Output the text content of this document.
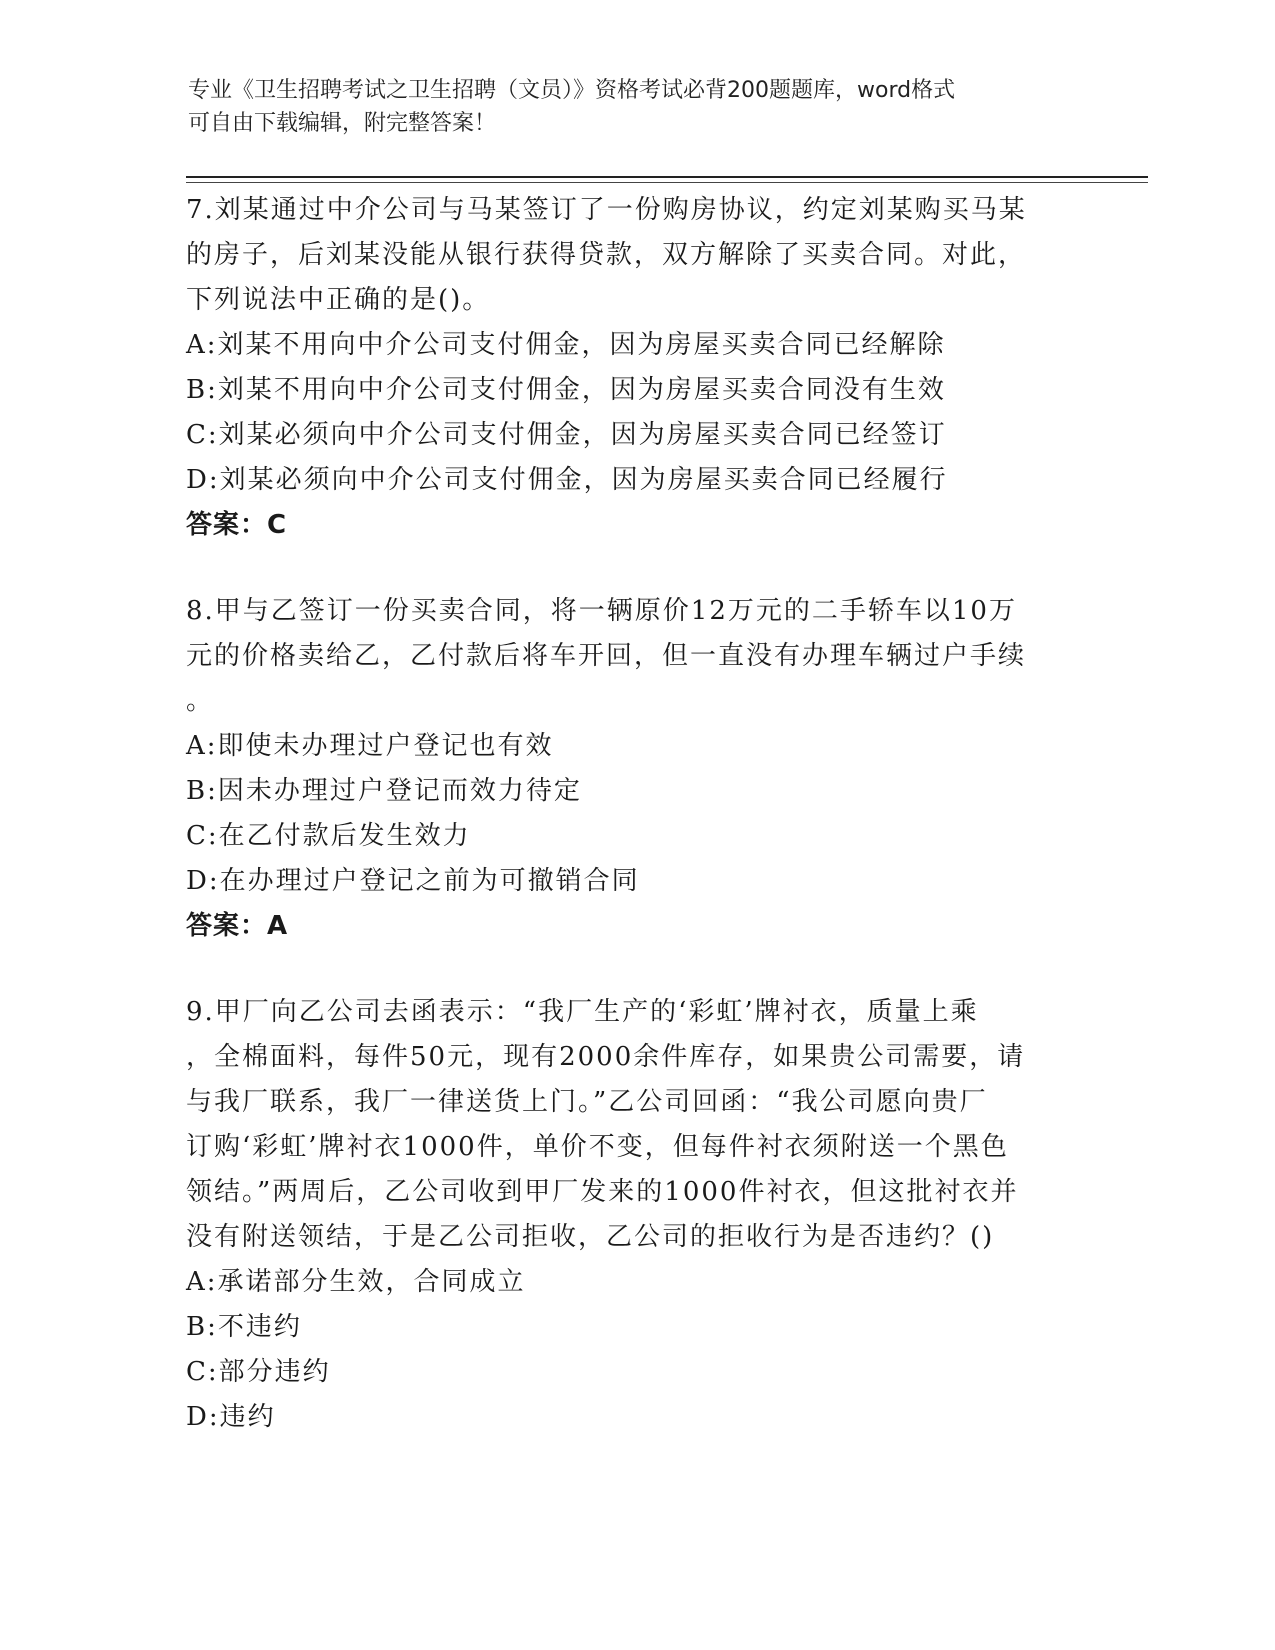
专业《卫生招聘考试之卫生招聘（文员）》资格考试必背200题题库，word格式
可自由下载编辑，附完整答案！

7.刘某通过中介公司与马某签订了一份购房协议，约定刘某购买马某
的房子，后刘某没能从银行获得贷款，双方解除了买卖合同。对此，
下列说法中正确的是()。

A:刘某不用向中介公司支付佣金，因为房屋买卖合同已经解除

B:刘某不用向中介公司支付佣金，因为房屋买卖合同没有生效

C:刘某必须向中介公司支付佣金，因为房屋买卖合同已经签订

D:刘某必须向中介公司支付佣金，因为房屋买卖合同已经履行

答案：C

8.甲与乙签订一份买卖合同，将一辆原价12万元的二手轿车以10万
元的价格卖给乙，乙付款后将车开回，但一直没有办理车辆过户手续
。

A:即使未办理过户登记也有效

B:因未办理过户登记而效力待定

C:在乙付款后发生效力

D:在办理过户登记之前为可撤销合同

答案：A

9.甲厂向乙公司去函表示：“我厂生产的‘彩虹’牌衬衣，质量上乘
，全棉面料，每件50元，现有2000余件库存，如果贵公司需要，请
与我厂联系，我厂一律送货上门。”乙公司回函：“我公司愿向贵厂
订购‘彩虹’牌衬衣1000件，单价不变，但每件衬衣须附送一个黑色
领结。”两周后，乙公司收到甲厂发来的1000件衬衣，但这批衬衣并
没有附送领结，于是乙公司拒收，乙公司的拒收行为是否违约？()

A:承诺部分生效，合同成立

B:不违约

C:部分违约

D:违约
